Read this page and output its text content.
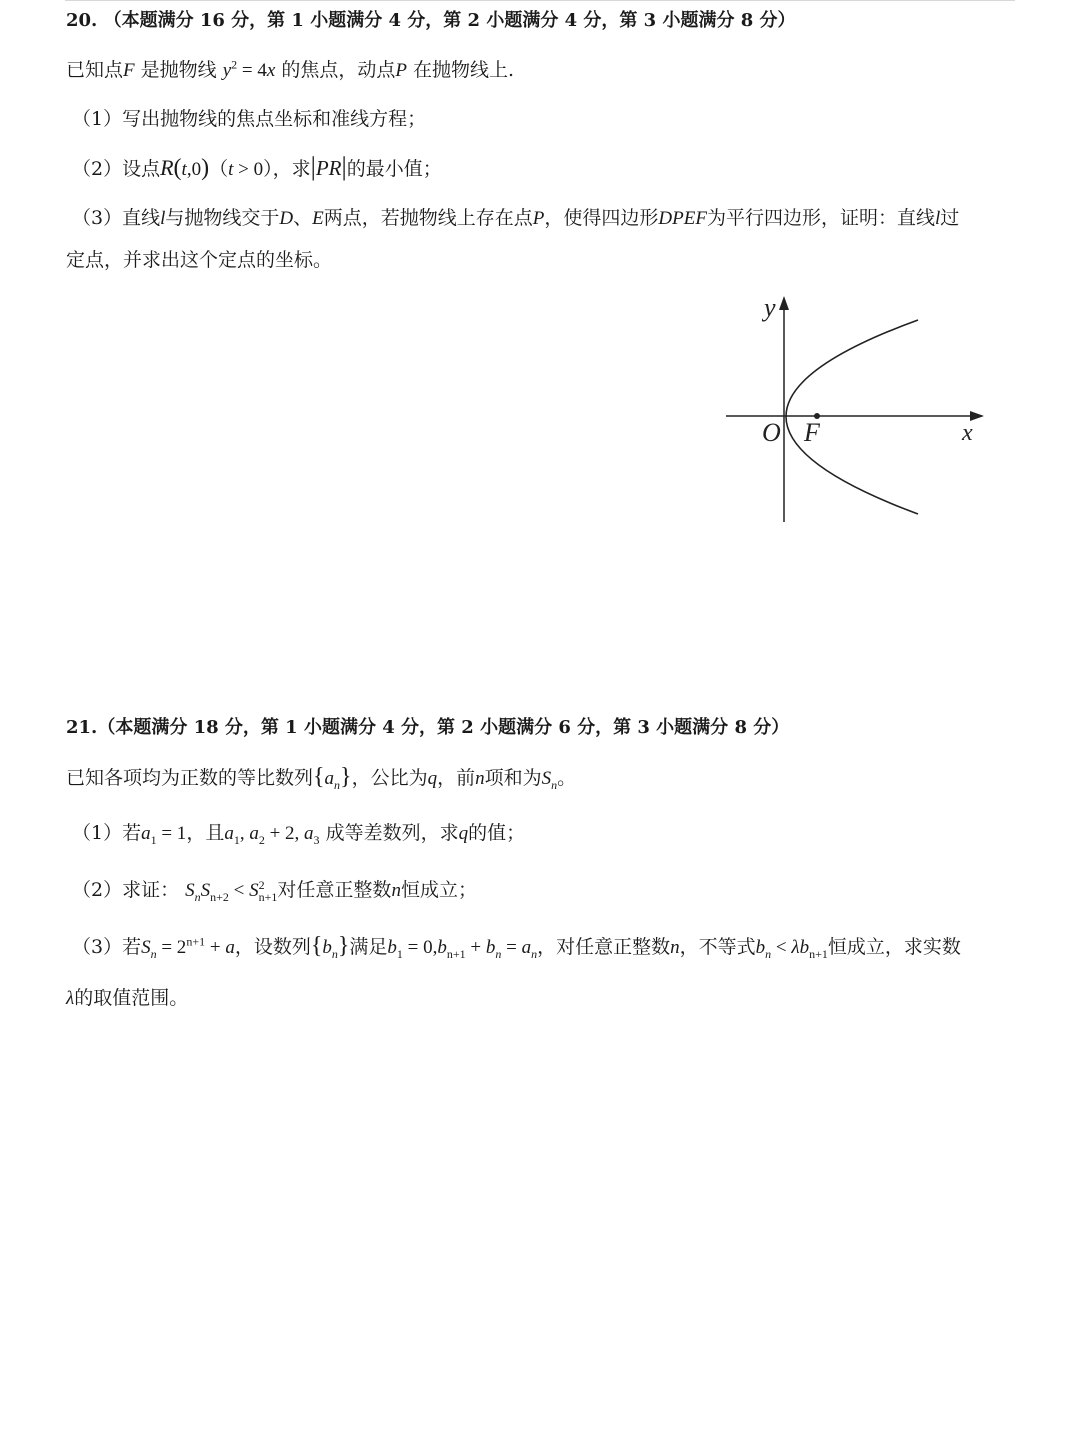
20. （本题满分 16 分，第 1 小题满分 4 分，第 2 小题满分 4 分，第 3 小题满分 8 分）
已知点F 是抛物线 $y^2 = 4x$ 的焦点，动点P 在抛物线上.
（1）写出抛物线的焦点坐标和准线方程；
（2）设点R(t,0)（t > 0），求|PR|的最小值；
（3）直线l与抛物线交于D、E两点，若抛物线上存在点P，使得四边形DPEF为平行四边形，证明：直线l过
定点，并求出这个定点的坐标。
y
x
O F
21.（本题满分 18 分，第 1 小题满分 4 分，第 2 小题满分 6 分，第 3 小题满分 8 分）
已知各项均为正数的等比数列$\{a_n\}$，公比为q，前n项和为$S_n$。
（1）若$a_1 = 1$，且$a_1$, $a_2 + 2$, $a_3$ 成等差数列，求q的值；
（2）求证： $S_nS_{n+2} < S$ 2
n+1 对任意正整数n恒成立；
（3）若$S_n = 2^{n+1} + a$，设数列$\{b_n\}$满足$b_1 = 0,b_{n+1} + b_n = a_n$，对任意正整数n，不等式$b_n < \lambda b_{n+1}$恒成立，求实数
λ的取值范围。
